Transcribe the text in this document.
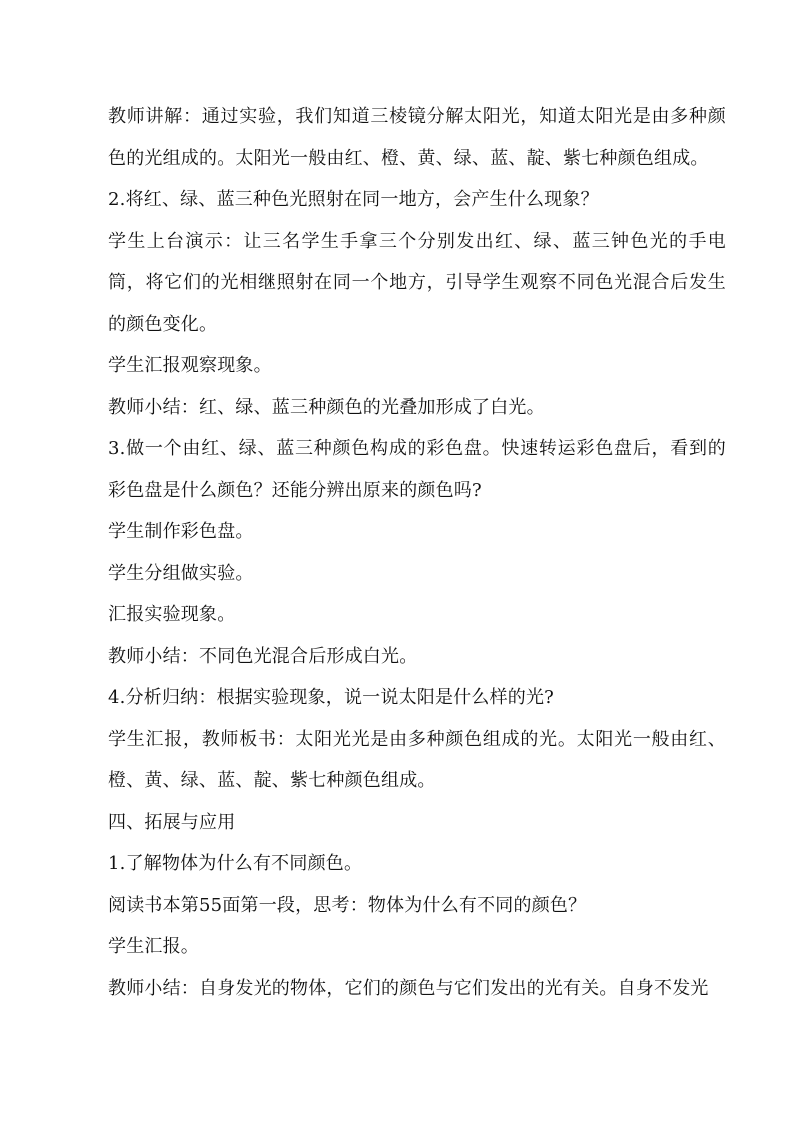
教师讲解：通过实验，我们知道三棱镜分解太阳光，知道太阳光是由多种颜色的光组成的。太阳光一般由红、橙、黄、绿、蓝、靛、紫七种颜色组成。

2.将红、绿、蓝三种色光照射在同一地方，会产生什么现象？

学生上台演示：让三名学生手拿三个分别发出红、绿、蓝三钟色光的手电筒，将它们的光相继照射在同一个地方，引导学生观察不同色光混合后发生的颜色变化。

学生汇报观察现象。

教师小结：红、绿、蓝三种颜色的光叠加形成了白光。

3.做一个由红、绿、蓝三种颜色构成的彩色盘。快速转运彩色盘后，看到的彩色盘是什么颜色？还能分辨出原来的颜色吗?

学生制作彩色盘。

学生分组做实验。

汇报实验现象。

教师小结：不同色光混合后形成白光。

4.分析归纳：根据实验现象，说一说太阳是什么样的光?

学生汇报，教师板书：太阳光光是由多种颜色组成的光。太阳光一般由红、橙、黄、绿、蓝、靛、紫七种颜色组成。

四、拓展与应用

1.了解物体为什么有不同颜色。

阅读书本第55面第一段，思考：物体为什么有不同的颜色？

学生汇报。

教师小结：自身发光的物体，它们的颜色与它们发出的光有关。自身不发光
